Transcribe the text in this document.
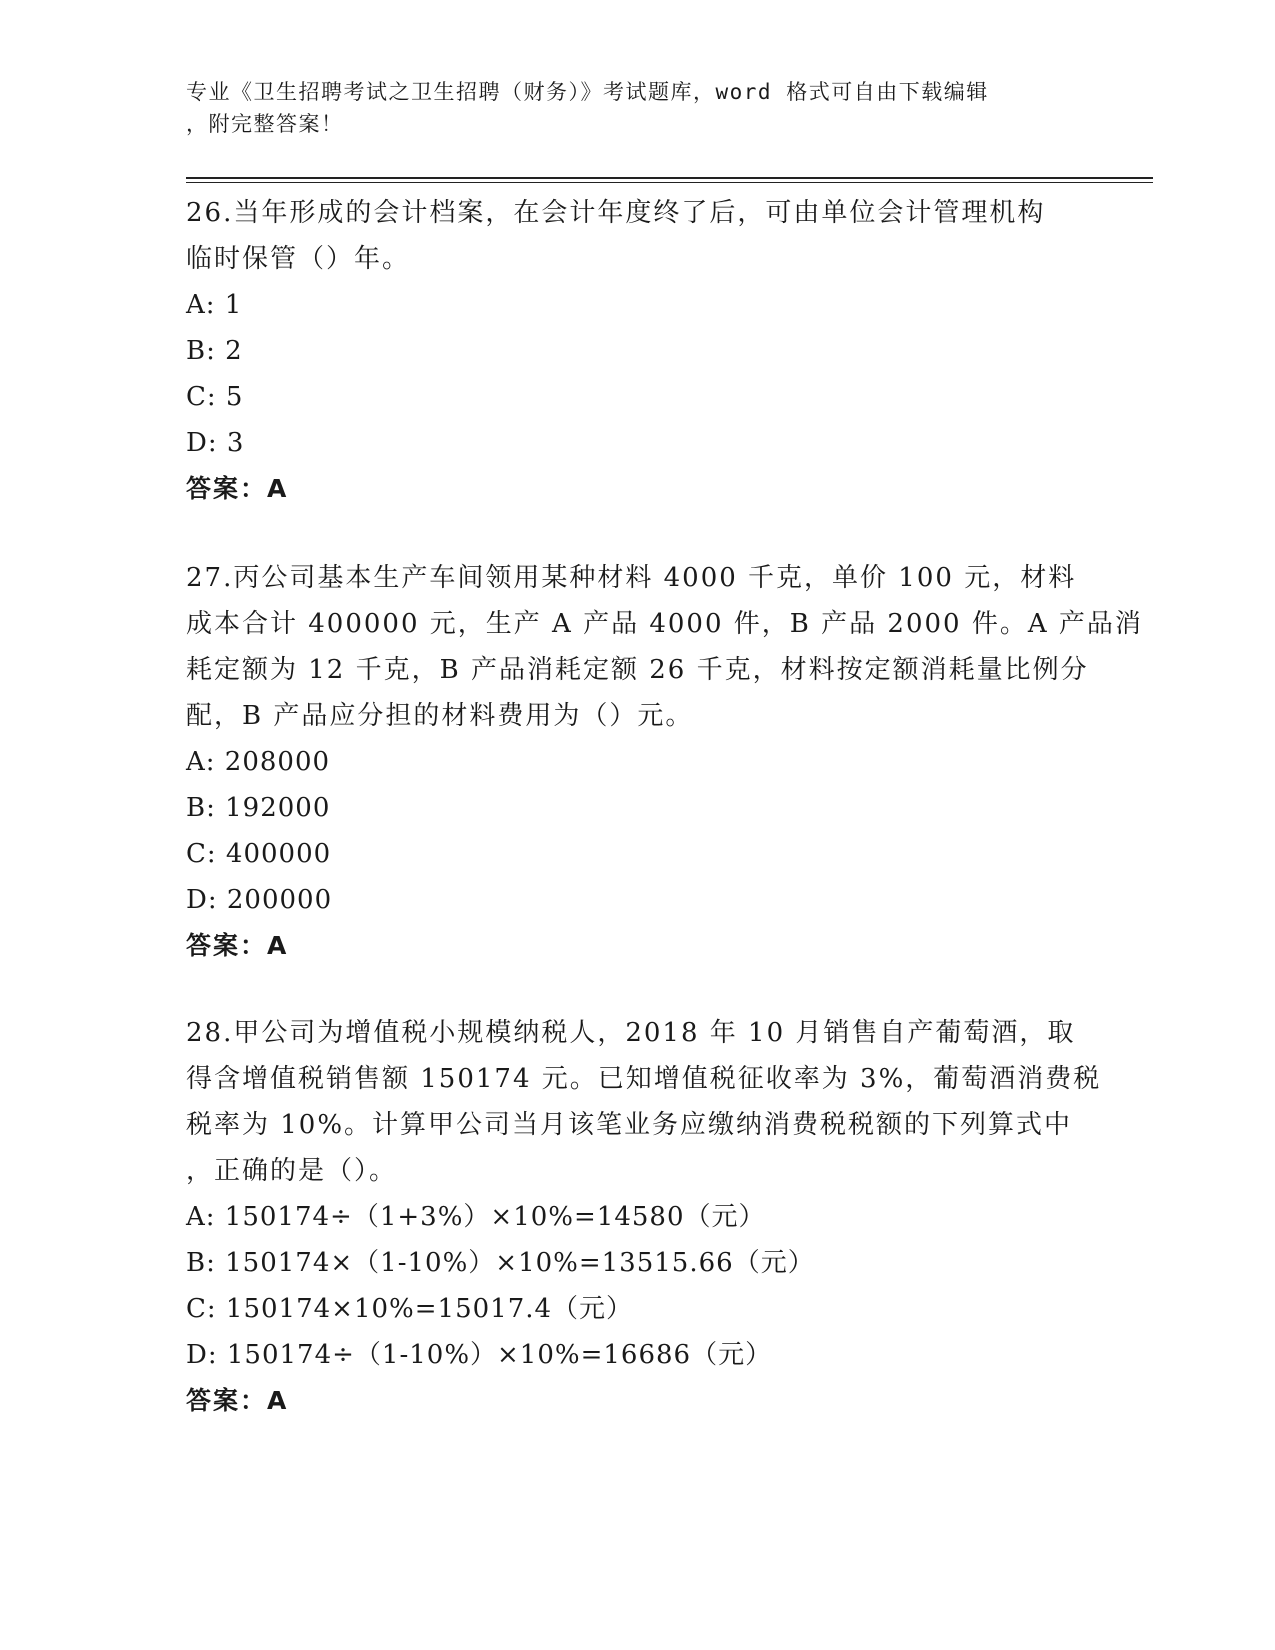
专业《卫生招聘考试之卫生招聘（财务）》考试题库，word 格式可自由下载编辑
，附完整答案！
26.当年形成的会计档案，在会计年度终了后，可由单位会计管理机构
临时保管（）年。
A: 1
B: 2
C: 5
D: 3
答案：A
27.丙公司基本生产车间领用某种材料 4000 千克，单价 100 元，材料
成本合计 400000 元，生产 A 产品 4000 件，B 产品 2000 件。A 产品消
耗定额为 12 千克，B 产品消耗定额 26 千克，材料按定额消耗量比例分
配，B 产品应分担的材料费用为（）元。
A: 208000
B: 192000
C: 400000
D: 200000
答案：A
28.甲公司为增值税小规模纳税人，2018 年 10 月销售自产葡萄酒，取
得含增值税销售额 150174 元。已知增值税征收率为 3%，葡萄酒消费税
税率为 10%。计算甲公司当月该笔业务应缴纳消费税税额的下列算式中
，正确的是（）。
A: 150174÷（1+3%）×10%=14580（元）
B: 150174×（1-10%）×10%=13515.66（元）
C: 150174×10%=15017.4（元）
D: 150174÷（1-10%）×10%=16686（元）
答案：A
